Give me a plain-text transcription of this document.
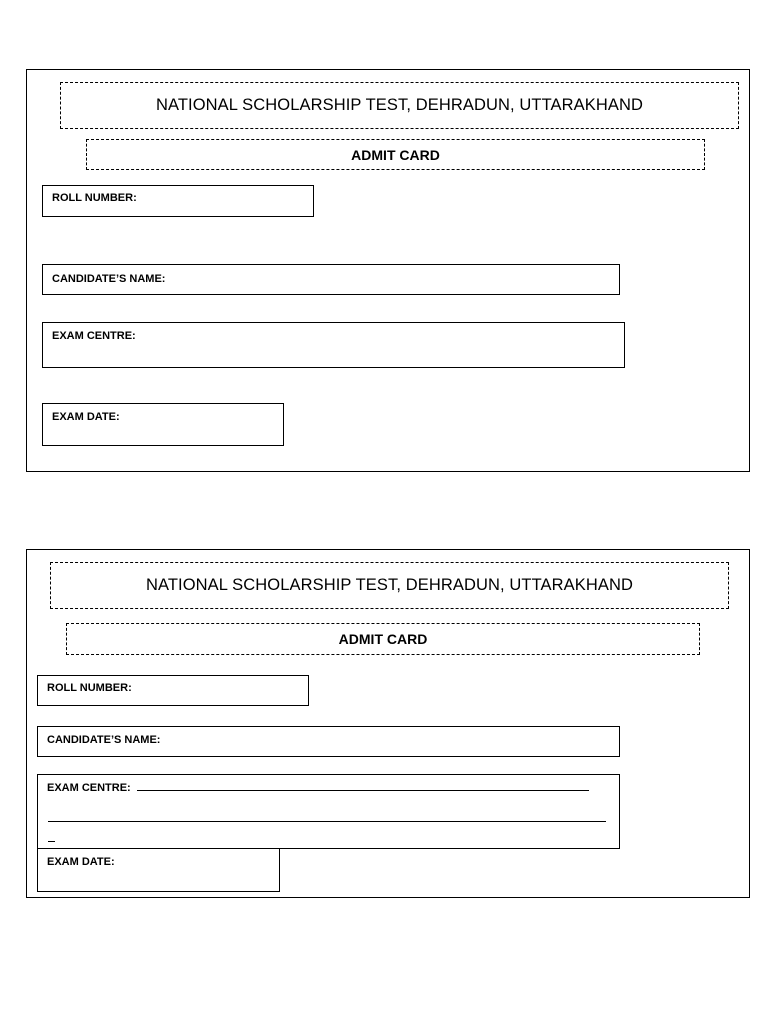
NATIONAL SCHOLARSHIP TEST, DEHRADUN, UTTARAKHAND
ADMIT CARD
ROLL NUMBER:
CANDIDATE’S NAME:
EXAM CENTRE:
EXAM DATE:
NATIONAL SCHOLARSHIP TEST, DEHRADUN, UTTARAKHAND
ADMIT CARD
ROLL NUMBER:
CANDIDATE’S NAME:
EXAM CENTRE:
EXAM DATE:
